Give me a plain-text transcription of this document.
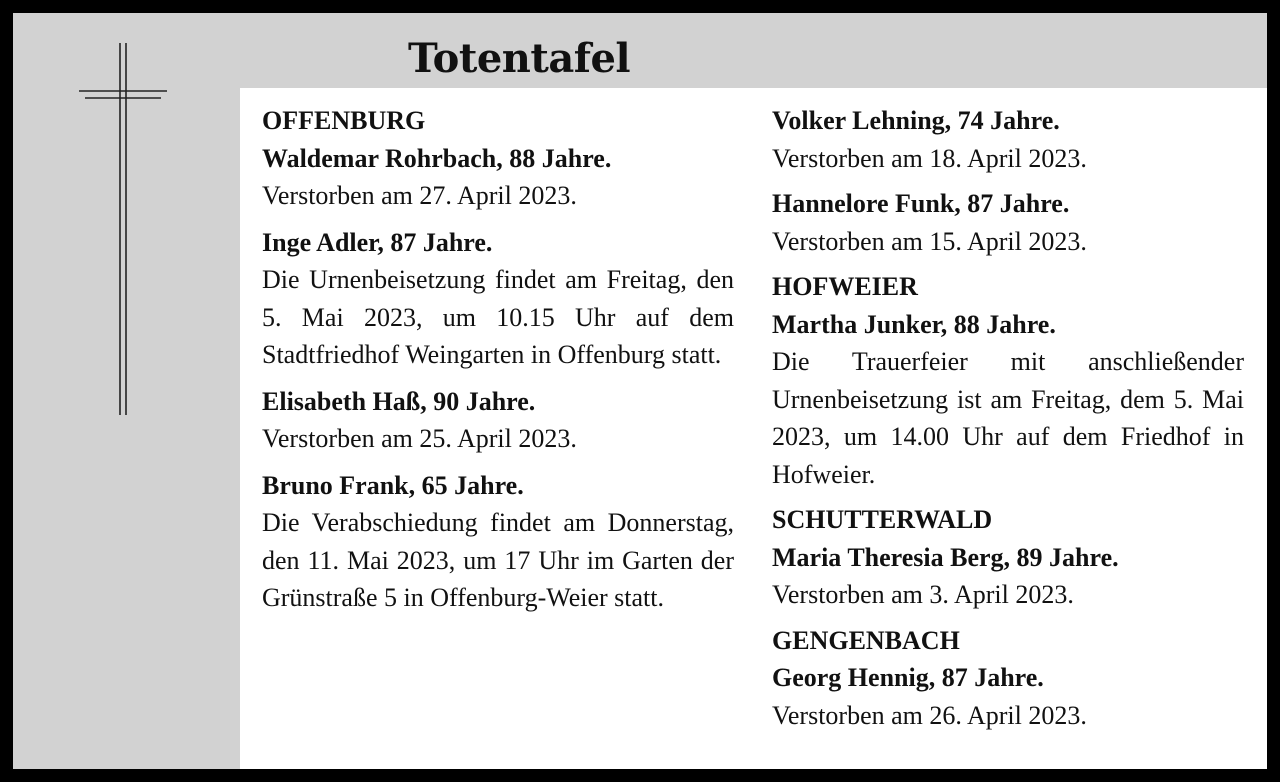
Totentafel
OFFENBURG
Waldemar Rohrbach, 88 Jahre.
Verstorben am 27. April 2023.
Inge Adler, 87 Jahre.
Die Urnenbeisetzung findet am Freitag, den 5. Mai 2023, um 10.15 Uhr auf dem Stadtfriedhof Weingarten in Offenburg statt.
Elisabeth Haß, 90 Jahre.
Verstorben am 25. April 2023.
Bruno Frank, 65 Jahre.
Die Verabschiedung findet am Donnerstag, den 11. Mai 2023, um 17 Uhr im Garten der Grünstraße 5 in Offenburg-Weier statt.
Volker Lehning, 74 Jahre.
Verstorben am 18. April 2023.
Hannelore Funk, 87 Jahre.
Verstorben am 15. April 2023.
HOFWEIER
Martha Junker, 88 Jahre.
Die Trauerfeier mit anschließender Urnenbeisetzung ist am Freitag, dem 5. Mai 2023, um 14.00 Uhr auf dem Friedhof in Hofweier.
SCHUTTERWALD
Maria Theresia Berg, 89 Jahre.
Verstorben am 3. April 2023.
GENGENBACH
Georg Hennig, 87 Jahre.
Verstorben am 26. April 2023.
